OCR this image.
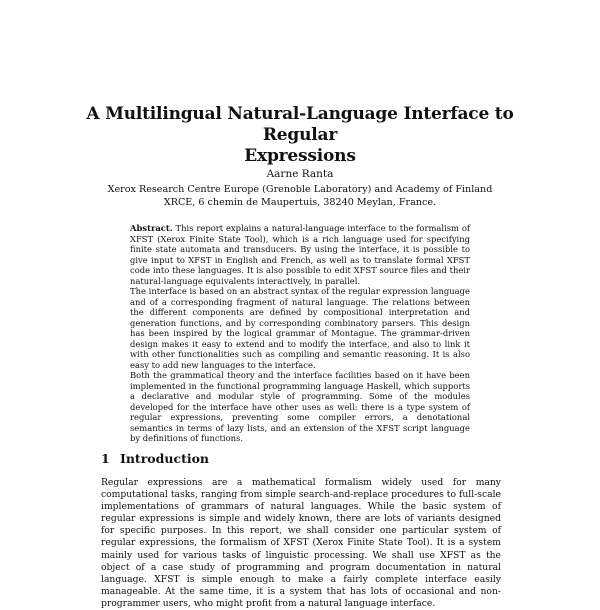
A Multilingual Natural-Language Interface to Regular
Expressions
Aarne Ranta
Xerox Research Centre Europe (Grenoble Laboratory) and Academy of Finland
XRCE, 6 chemin de Maupertuis, 38240 Meylan, France.

Abstract. This report explains a natural-language interface to the formalism of XFST (Xerox Finite State Tool), which is a rich language used for specifying finite state automata and transducers. By using the interface, it is possible to give input to XFST in English and French, as well as to translate formal XFST code into these languages. It is also possible to edit XFST source files and their natural-language equivalents interactively, in parallel.

The interface is based on an abstract syntax of the regular expression language and of a corresponding fragment of natural language. The relations between the different components are defined by compositional interpretation and generation functions, and by corresponding combinatory parsers. This design has been inspired by the logical grammar of Montague. The grammar-driven design makes it easy to extend and to modify the interface, and also to link it with other functionalities such as compiling and semantic reasoning. It is also easy to add new languages to the interface.

Both the grammatical theory and the interface facilities based on it have been implemented in the functional programming language Haskell, which supports a declarative and modular style of programming. Some of the modules developed for the interface have other uses as well: there is a type system of regular expressions, preventing some compiler errors, a denotational semantics in terms of lazy lists, and an extension of the XFST script language by definitions of functions.

1 Introduction

Regular expressions are a mathematical formalism widely used for many computational tasks, ranging from simple search-and-replace procedures to full-scale implementations of grammars of natural languages. While the basic system of regular expressions is simple and widely known, there are lots of variants designed for specific purposes. In this report, we shall consider one particular system of regular expressions, the formalism of XFST (Xerox Finite State Tool). It is a system mainly used for various tasks of linguistic processing. We shall use XFST as the object of a case study of programming and program documentation in natural language. XFST is simple enough to make a fairly complete interface easily manageable. At the same time, it is a system that has lots of occasional and non-programmer users, who might profit from a natural language interface.
